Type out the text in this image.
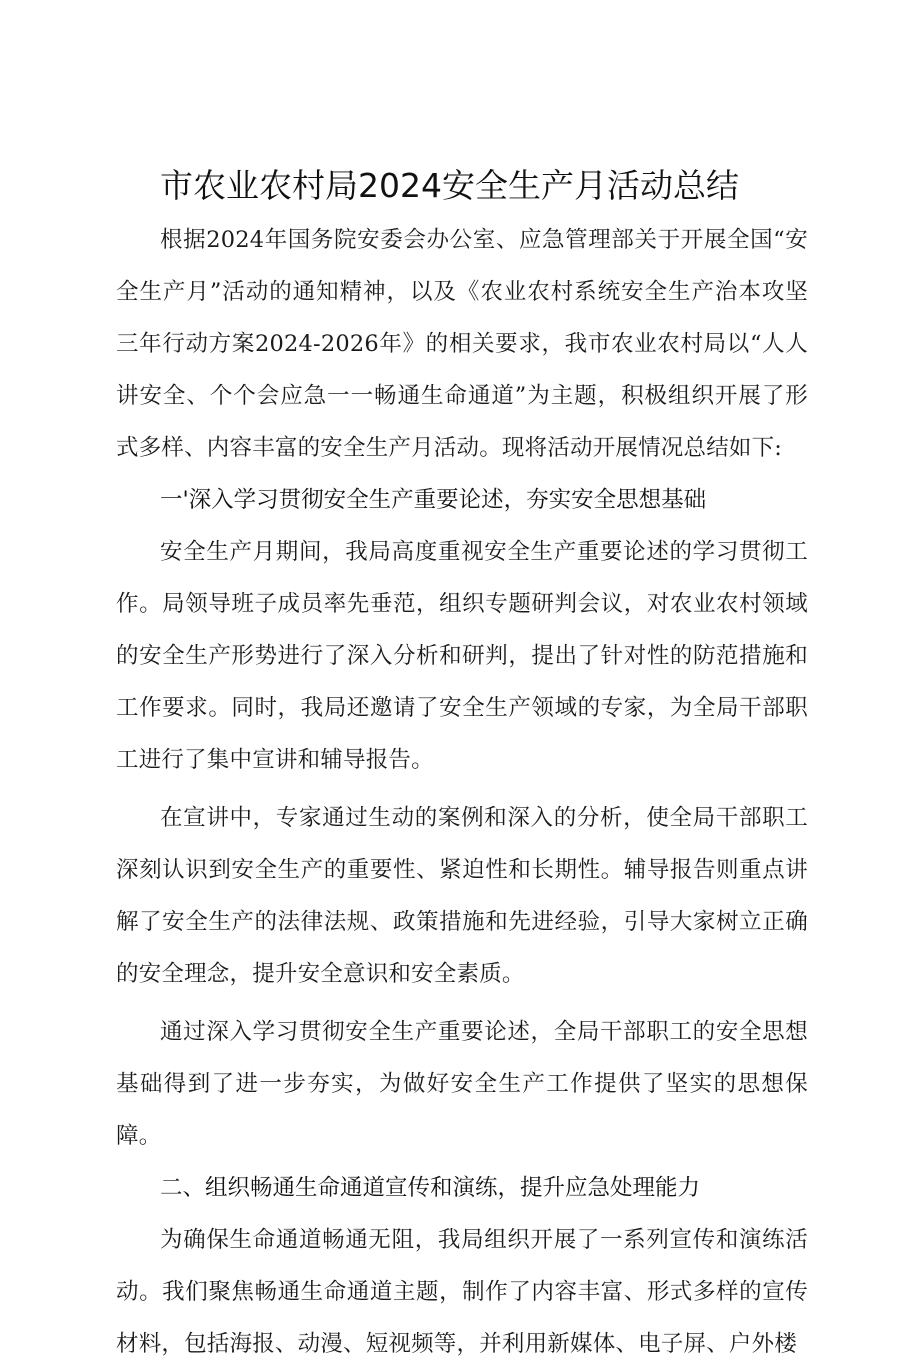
市农业农村局2024安全生产月活动总结

根据2024年国务院安委会办公室、应急管理部关于开展全国“安全生产月”活动的通知精神，以及《农业农村系统安全生产治本攻坚三年行动方案2024-2026年》的相关要求，我市农业农村局以“人人讲安全、个个会应急一一畅通生命通道”为主题，积极组织开展了形式多样、内容丰富的安全生产月活动。现将活动开展情况总结如下:

一'深入学习贯彻安全生产重要论述，夯实安全思想基础

安全生产月期间，我局高度重视安全生产重要论述的学习贯彻工作。局领导班子成员率先垂范，组织专题研判会议，对农业农村领域的安全生产形势进行了深入分析和研判，提出了针对性的防范措施和工作要求。同时，我局还邀请了安全生产领域的专家，为全局干部职工进行了集中宣讲和辅导报告。

在宣讲中，专家通过生动的案例和深入的分析，使全局干部职工深刻认识到安全生产的重要性、紧迫性和长期性。辅导报告则重点讲解了安全生产的法律法规、政策措施和先进经验，引导大家树立正确的安全理念，提升安全意识和安全素质。

通过深入学习贯彻安全生产重要论述，全局干部职工的安全思想基础得到了进一步夯实，为做好安全生产工作提供了坚实的思想保障。

二、组织畅通生命通道宣传和演练，提升应急处理能力

为确保生命通道畅通无阻，我局组织开展了一系列宣传和演练活动。我们聚焦畅通生命通道主题，制作了内容丰富、形式多样的宣传材料，包括海报、动漫、短视频等，并利用新媒体、电子屏、户外楼
